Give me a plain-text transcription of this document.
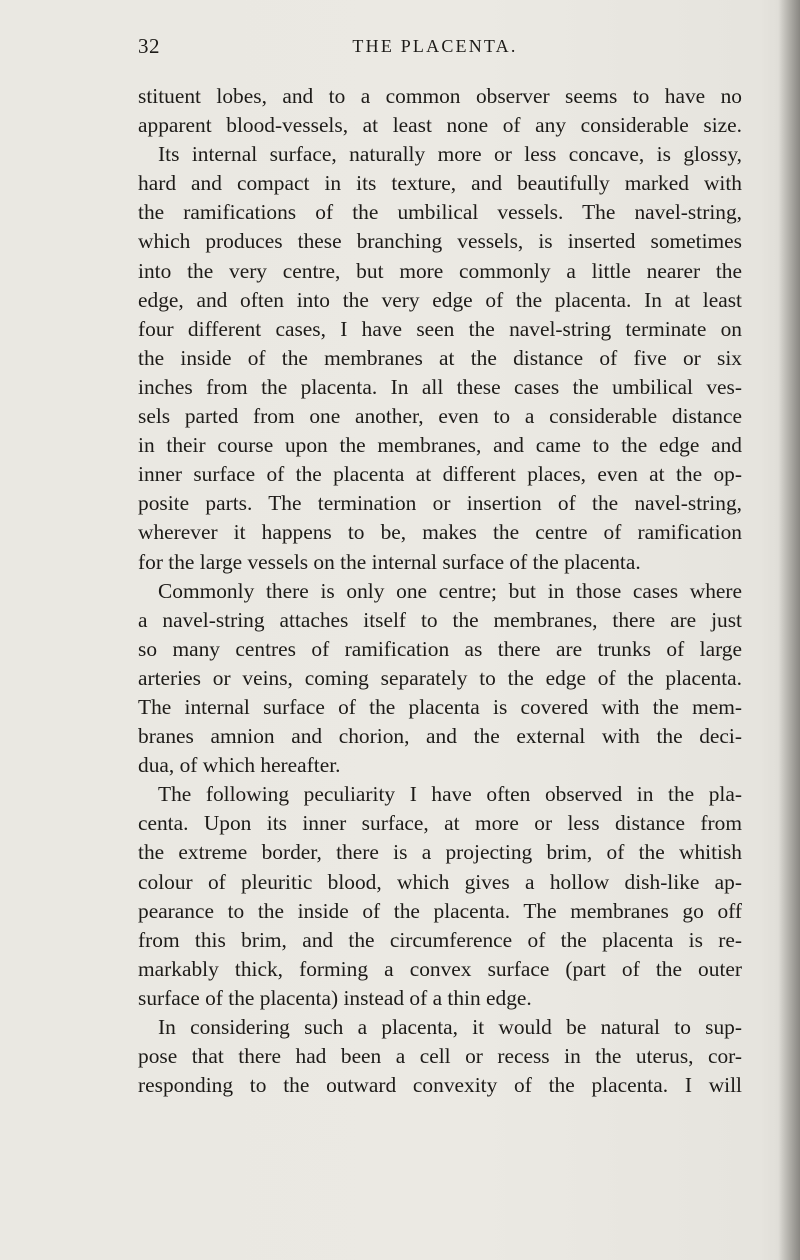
32	THE PLACENTA.
stituent lobes, and to a common observer seems to have no
apparent blood-vessels, at least none of any considerable size.
Its internal surface, naturally more or less concave, is glossy,
hard and compact in its texture, and beautifully marked with
the ramifications of the umbilical vessels. The navel-string,
which produces these branching vessels, is inserted sometimes
into the very centre, but more commonly a little nearer the
edge, and often into the very edge of the placenta. In at least
four different cases, I have seen the navel-string terminate on
the inside of the membranes at the distance of five or six
inches from the placenta. In all these cases the umbilical ves-
sels parted from one another, even to a considerable distance
in their course upon the membranes, and came to the edge and
inner surface of the placenta at different places, even at the op-
posite parts. The termination or insertion of the navel-string,
wherever it happens to be, makes the centre of ramification
for the large vessels on the internal surface of the placenta.
Commonly there is only one centre; but in those cases where
a navel-string attaches itself to the membranes, there are just
so many centres of ramification as there are trunks of large
arteries or veins, coming separately to the edge of the placenta.
The internal surface of the placenta is covered with the mem-
branes amnion and chorion, and the external with the deci-
dua, of which hereafter.
The following peculiarity I have often observed in the pla-
centa. Upon its inner surface, at more or less distance from
the extreme border, there is a projecting brim, of the whitish
colour of pleuritic blood, which gives a hollow dish-like ap-
pearance to the inside of the placenta. The membranes go off
from this brim, and the circumference of the placenta is re-
markably thick, forming a convex surface (part of the outer
surface of the placenta) instead of a thin edge.
In considering such a placenta, it would be natural to sup-
pose that there had been a cell or recess in the uterus, cor-
responding to the outward convexity of the placenta. I will
